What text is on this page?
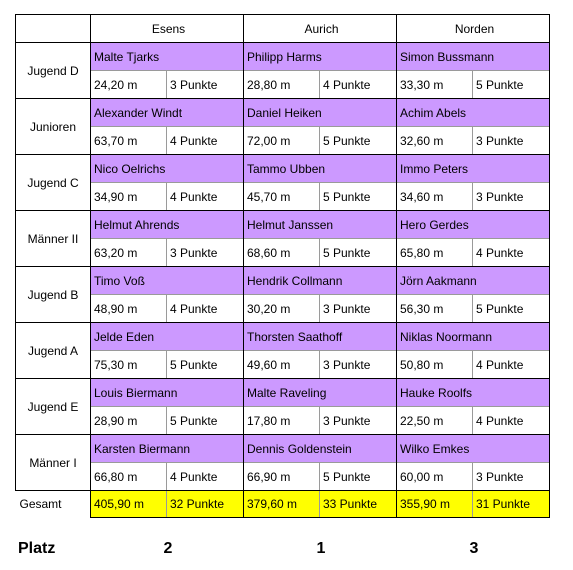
	Esens		Aurich		Norden	
Jugend D	Malte Tjarks		Philipp Harms		Simon Bussmann	
	24,20 m	3 Punkte	28,80 m	4 Punkte	33,30 m	5 Punkte
Junioren	Alexander Windt		Daniel Heiken		Achim Abels	
	63,70 m	4 Punkte	72,00 m	5 Punkte	32,60 m	3 Punkte
Jugend C	Nico Oelrichs		Tammo Ubben		Immo Peters	
	34,90 m	4 Punkte	45,70 m	5 Punkte	34,60 m	3 Punkte
Männer II	Helmut Ahrends		Helmut Janssen		Hero Gerdes	
	63,20 m	3 Punkte	68,60 m	5 Punkte	65,80 m	4 Punkte
Jugend B	Timo Voß		Hendrik Collmann		Jörn Aakmann	
	48,90 m	4 Punkte	30,20 m	3 Punkte	56,30 m	5 Punkte
Jugend A	Jelde Eden		Thorsten Saathoff		Niklas Noormann	
	75,30 m	5 Punkte	49,60 m	3 Punkte	50,80 m	4 Punkte
Jugend E	Louis Biermann		Malte Raveling		Hauke Roolfs	
	28,90 m	5 Punkte	17,80 m	3 Punkte	22,50 m	4 Punkte
Männer I	Karsten Biermann		Dennis Goldenstein		Wilko Emkes	
	66,80 m	4 Punkte	66,90 m	5 Punkte	60,00 m	3 Punkte
Gesamt	405,90 m	32 Punkte	379,60 m	33 Punkte	355,90 m	31 Punkte
Platz	2	1	3
